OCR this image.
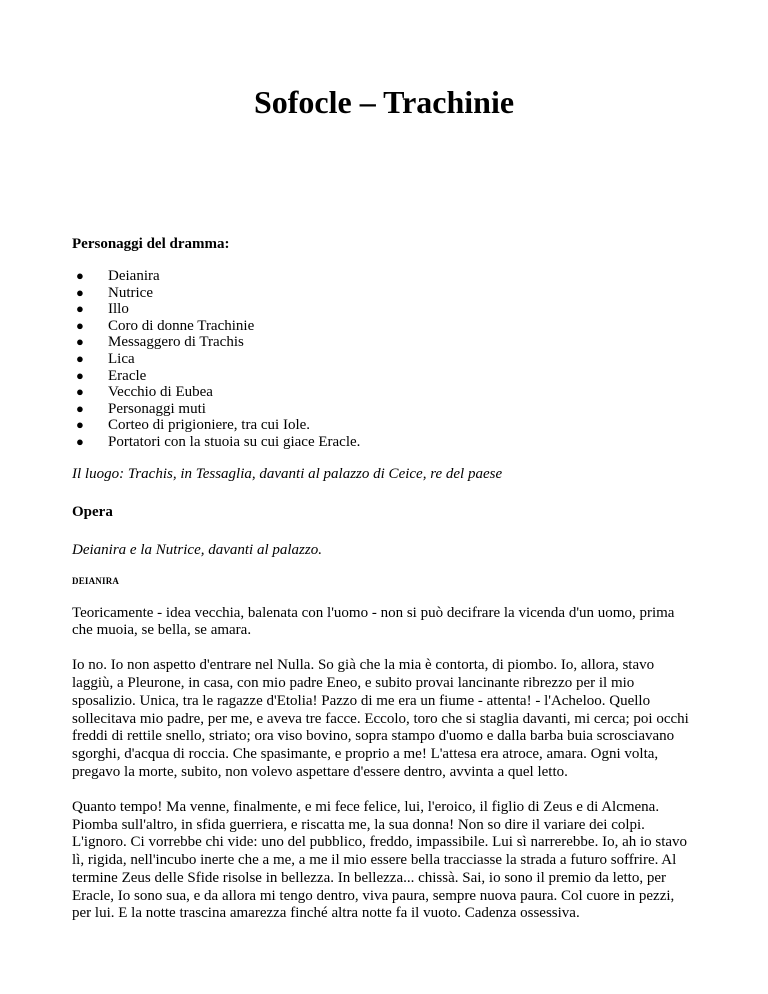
Sofocle – Trachinie

Personaggi del dramma:

● Deianira
● Nutrice
● Illo
● Coro di donne Trachinie
● Messaggero di Trachis
● Lica
● Eracle
● Vecchio di Eubea
● Personaggi muti
● Corteo di prigioniere, tra cui Iole.
● Portatori con la stuoia su cui giace Eracle.

Il luogo: Trachis, in Tessaglia, davanti al palazzo di Ceice, re del paese

Opera

Deianira e la Nutrice, davanti al palazzo.

DEIANIRA

Teoricamente - idea vecchia, balenata con l'uomo - non si può decifrare la vicenda d'un uomo, prima che muoia, se bella, se amara.

Io no. Io non aspetto d'entrare nel Nulla. So già che la mia è contorta, di piombo. Io, allora, stavo laggiù, a Pleurone, in casa, con mio padre Eneo, e subito provai lancinante ribrezzo per il mio sposalizio. Unica, tra le ragazze d'Etolia! Pazzo di me era un fiume - attenta! - l'Acheloo. Quello sollecitava mio padre, per me, e aveva tre facce. Eccolo, toro che si staglia davanti, mi cerca; poi occhi freddi di rettile snello, striato; ora viso bovino, sopra stampo d'uomo e dalla barba buia scrosciavano sgorghi, d'acqua di roccia. Che spasimante, e proprio a me! L'attesa era atroce, amara. Ogni volta, pregavo la morte, subito, non volevo aspettare d'essere dentro, avvinta a quel letto.

Quanto tempo! Ma venne, finalmente, e mi fece felice, lui, l'eroico, il figlio di Zeus e di Alcmena. Piomba sull'altro, in sfida guerriera, e riscatta me, la sua donna! Non so dire il variare dei colpi. L'ignoro. Ci vorrebbe chi vide: uno del pubblico, freddo, impassibile. Lui sì narrerebbe. Io, ah io stavo lì, rigida, nell'incubo inerte che a me, a me il mio essere bella tracciasse la strada a futuro soffrire. Al termine Zeus delle Sfide risolse in bellezza. In bellezza... chissà. Sai, io sono il premio da letto, per Eracle, Io sono sua, e da allora mi tengo dentro, viva paura, sempre nuova paura. Col cuore in pezzi, per lui. E la notte trascina amarezza finché altra notte fa il vuoto. Cadenza ossessiva.
